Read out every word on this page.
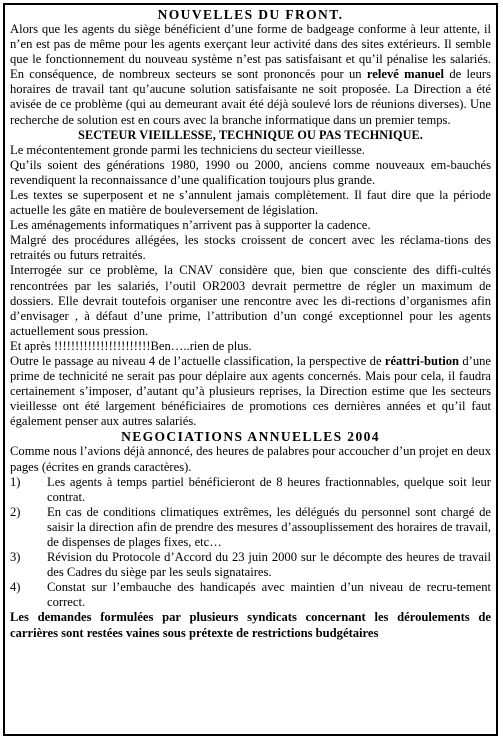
NOUVELLES DU FRONT.

Alors que les agents du siège bénéficient d’une forme de badgeage conforme à leur attente, il n’en est pas de même pour les agents exerçant leur activité dans des sites extérieurs. Il semble que le fonctionnement du nouveau système n’est pas satisfaisant et qu’il pénalise les salariés. En conséquence, de nombreux secteurs se sont prononcés pour un relevé manuel de leurs horaires de travail tant qu’aucune solution satisfaisante ne soit proposée. La Direction a été avisée de ce problème (qui au demeurant avait été déjà soulevé lors de réunions diverses). Une recherche de solution est en cours avec la branche informatique dans un premier temps.

SECTEUR VIEILLESSE, TECHNIQUE OU PAS TECHNIQUE.

Le mécontentement gronde parmi les techniciens du secteur vieillesse.

Qu’ils soient des générations 1980, 1990 ou 2000, anciens comme nouveaux em-bauchés revendiquent la reconnaissance d’une qualification toujours plus grande.

Les textes se superposent et ne s’annulent jamais complètement. Il faut dire que la période actuelle les gâte en matière de bouleversement de législation.

Les aménagements informatiques n’arrivent pas à supporter la cadence.

Malgré des procédures allégées, les stocks croissent de concert avec les réclama-tions des retraités ou futurs retraités.

Interrogée sur ce problème, la CNAV considère que, bien que consciente des diffi-cultés rencontrées par les salariés, l’outil OR2003 devrait permettre de régler un maximum de dossiers. Elle devrait toutefois organiser une rencontre avec les di-rections d’organismes afin d’envisager , à défaut d’une prime, l’attribution d’un congé exceptionnel pour les agents actuellement sous pression.

Et après !!!!!!!!!!!!!!!!!!!!!!!Ben…..rien de plus.

Outre le passage au niveau 4 de l’actuelle classification, la perspective de réattri-bution d’une prime de technicité ne serait pas pour déplaire aux agents concernés. Mais pour cela, il faudra certainement s’imposer, d’autant qu’à plusieurs reprises, la Direction estime que les secteurs vieillesse ont été largement bénéficiaires de promotions ces dernières années et qu’il faut également penser aux autres salariés.

NEGOCIATIONS ANNUELLES 2004

Comme nous l’avions déjà annoncé, des heures de palabres pour accoucher d’un projet en deux pages (écrites en grands caractères).

1) Les agents à temps partiel bénéficieront de 8 heures fractionnables, quelque soit leur contrat.
2) En cas de conditions climatiques extrêmes, les délégués du personnel sont chargé de saisir la direction afin de prendre des mesures d’assouplissement des horaires de travail, de dispenses de plages fixes, etc…
3) Révision du Protocole d’Accord du 23 juin 2000 sur le décompte des heures de travail des Cadres du siège par les seuls signataires.
4) Constat sur l’embauche des handicapés avec maintien d’un niveau de recru-tement correct.

Les demandes formulées par plusieurs syndicats concernant les déroulements de carrières sont restées vaines sous prétexte de restrictions budgétaires
